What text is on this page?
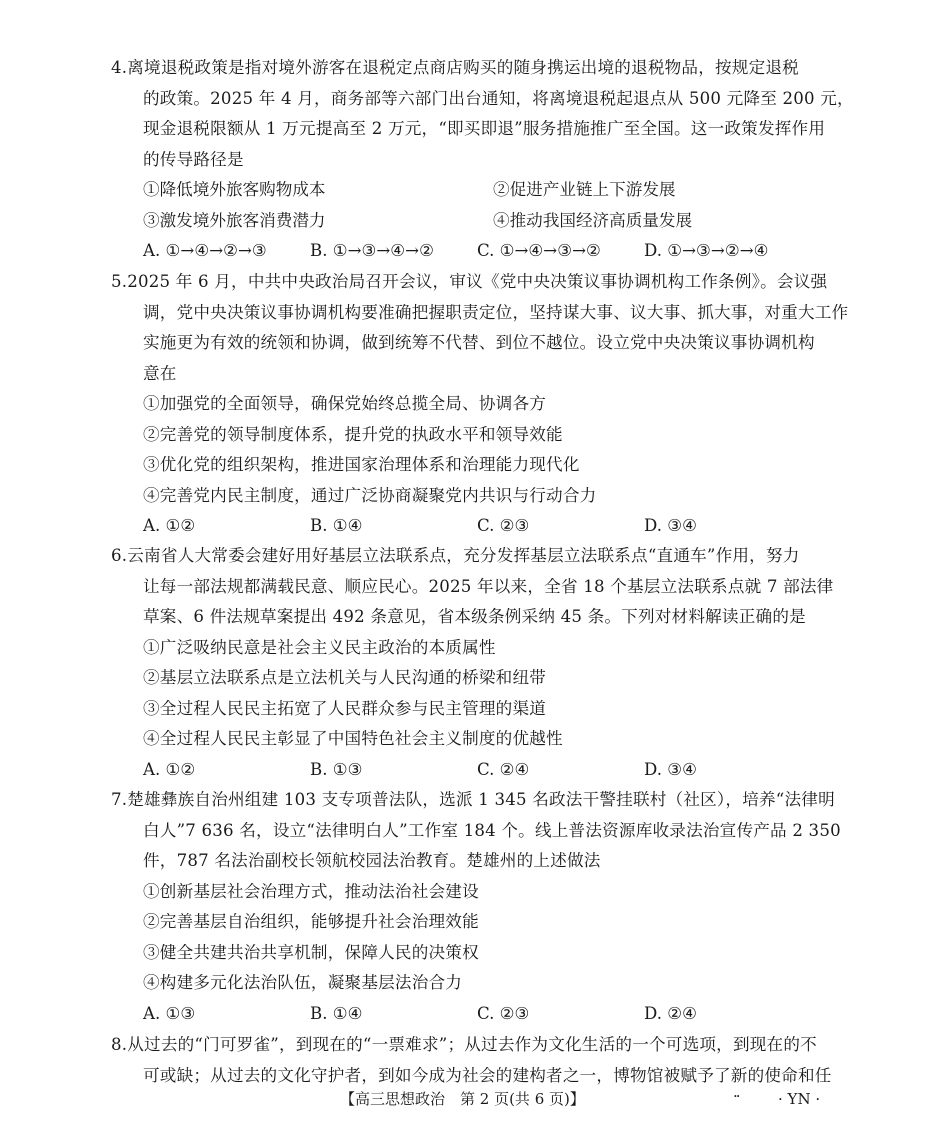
4.离境退税政策是指对境外游客在退税定点商店购买的随身携运出境的退税物品，按规定退税
的政策。2025 年 4 月，商务部等六部门出台通知，将离境退税起退点从 500 元降至 200 元，
现金退税限额从 1 万元提高至 2 万元，“即买即退”服务措施推广至全国。这一政策发挥作用
的传导路径是
①降低境外旅客购物成本	②促进产业链上下游发展
③激发境外旅客消费潜力	④推动我国经济高质量发展
A. ①→④→②→③	B. ①→③→④→②	C. ①→④→③→②	D. ①→③→②→④
5.2025 年 6 月，中共中央政治局召开会议，审议《党中央决策议事协调机构工作条例》。会议强
调，党中央决策议事协调机构要准确把握职责定位，坚持谋大事、议大事、抓大事，对重大工作
实施更为有效的统领和协调，做到统筹不代替、到位不越位。设立党中央决策议事协调机构
意在
①加强党的全面领导，确保党始终总揽全局、协调各方
②完善党的领导制度体系，提升党的执政水平和领导效能
③优化党的组织架构，推进国家治理体系和治理能力现代化
④完善党内民主制度，通过广泛协商凝聚党内共识与行动合力
A. ①②	B. ①④	C. ②③	D. ③④
6.云南省人大常委会建好用好基层立法联系点，充分发挥基层立法联系点“直通车”作用，努力
让每一部法规都满载民意、顺应民心。2025 年以来，全省 18 个基层立法联系点就 7 部法律
草案、6 件法规草案提出 492 条意见，省本级条例采纳 45 条。下列对材料解读正确的是
①广泛吸纳民意是社会主义民主政治的本质属性
②基层立法联系点是立法机关与人民沟通的桥梁和纽带
③全过程人民民主拓宽了人民群众参与民主管理的渠道
④全过程人民民主彰显了中国特色社会主义制度的优越性
A. ①②	B. ①③	C. ②④	D. ③④
7.楚雄彝族自治州组建 103 支专项普法队，选派 1 345 名政法干警挂联村（社区），培养“法律明
白人”7 636 名，设立“法律明白人”工作室 184 个。线上普法资源库收录法治宣传产品 2 350
件，787 名法治副校长领航校园法治教育。楚雄州的上述做法
①创新基层社会治理方式，推动法治社会建设
②完善基层自治组织，能够提升社会治理效能
③健全共建共治共享机制，保障人民的决策权
④构建多元化法治队伍，凝聚基层法治合力
A. ①③	B. ①④	C. ②③	D. ②④
8.从过去的“门可罗雀”，到现在的“一票难求”；从过去作为文化生活的一个可选项，到现在的不
可或缺；从过去的文化守护者，到如今成为社会的建构者之一，博物馆被赋予了新的使命和任
【高三思想政治　第 2 页(共 6 页)】	··	· YN ·
